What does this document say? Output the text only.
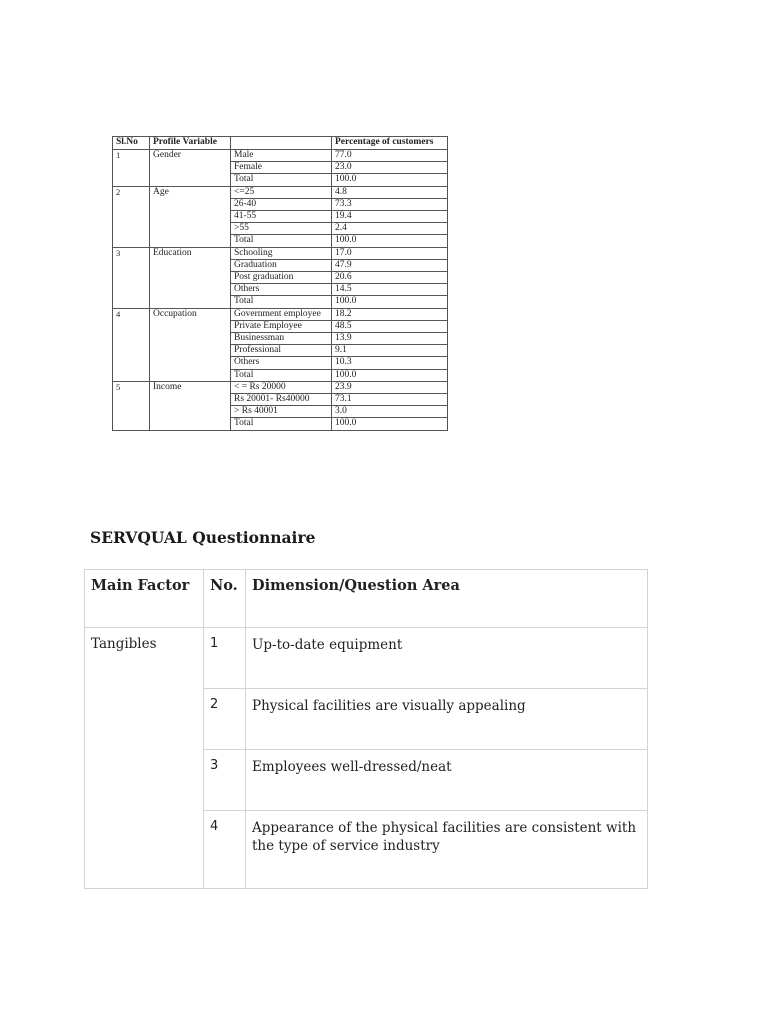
Sl.No	Profile Variable		Percentage of customers
1	Gender	Male	77.0
		Female	23.0
		Total	100.0
2	Age	<=25	4.8
		26-40	73.3
		41-55	19.4
		>55	2.4
		Total	100.0
3	Education	Schooling	17.0
		Graduation	47.9
		Post graduation	20.6
		Others	14.5
		Total	100.0
4	Occupation	Government employee	18.2
		Private Employee	48.5
		Businessman	13.9
		Professional	9.1
		Others	10.3
		Total	100.0
5	Income	< = Rs 20000	23.9
		Rs 20001- Rs40000	73.1
		> Rs 40001	3.0
		Total	100.0
SERVQUAL Questionnaire
Main Factor	No.	Dimension/Question Area
Tangibles	1	Up-to-date equipment
	2	Physical facilities are visually appealing
	3	Employees well-dressed/neat
	4	Appearance of the physical facilities are consistent with the type of service industry
